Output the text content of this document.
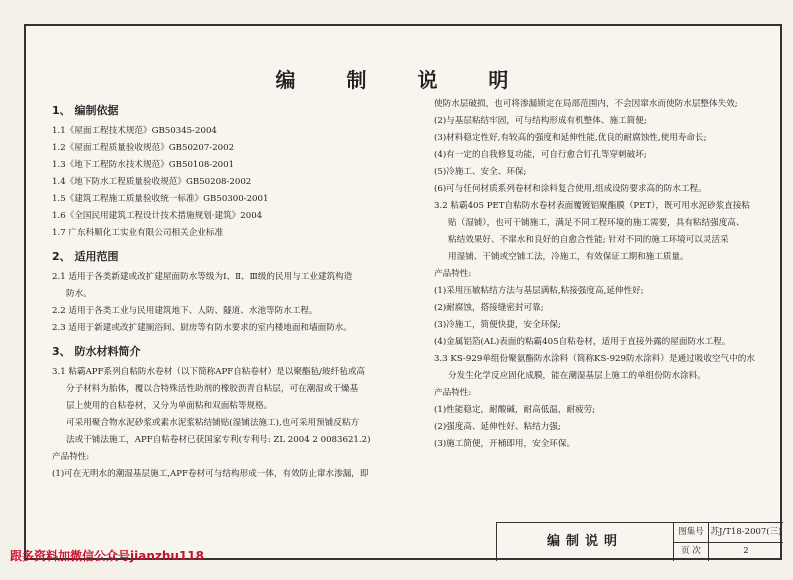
编 制 说 明
1、 编制依据
1.1《屋面工程技术规范》GB50345-2004
1.2《屋面工程质量验收规范》GB50207-2002
1.3《地下工程防水技术规范》GB50108-2001
1.4《地下防水工程质量验收规范》GB50208-2002
1.5《建筑工程施工质量验收统一标准》GB50300-2001
1.6《全国民用建筑工程设计技术措施规划·建筑》2004
1.7 广东科顺化工实业有限公司相关企业标准
2、 适用范围
2.1 适用于各类新建或改扩建屋面防水等级为Ⅰ、Ⅱ、Ⅲ级的民用与工业建筑构造
防水。
2.2 适用于各类工业与民用建筑地下、人防、隧道、水池等防水工程。
2.3 适用于新建或改扩建厕浴间、厨房等有防水要求的室内楼地面和墙面防水。
3、 防水材料简介
3.1 粘霸APF系列自粘防水卷材（以下简称APF自粘卷材）是以聚酯毡/玻纤毡或高
分子材料为胎体，覆以合特殊活性助剂的橡胶沥青自粘层，可在潮湿或干燥基
层上使用的自粘卷材，又分为单面粘和双面粘等规格。
可采用聚合物水泥砂浆或素水泥浆粘结铺贴(湿铺法施工),也可采用预铺反粘方
法或干铺法施工，APF自粘卷材已获国家专利(专利号: ZL 2004 2 0083621.2)
产品特性:
(1)可在无明水的潮湿基层施工,APF卷材可与结构形成一体，有效防止窜水渗漏，即
使防水层破损，也可将渗漏锁定在局部范围内，不会因窜水而使防水层整体失效;
(2)与基层粘结牢固，可与结构形成有机整体、施工简便;
(3)材料稳定性好,有较高的强度和延伸性能,优良的耐腐蚀性,使用寿命长;
(4)有一定的自我修复功能，可自行愈合钉孔等穿刺破坏;
(5)冷施工、安全、环保;
(6)可与任何材质系列卷材和涂料复合使用,组成设防要求高的防水工程。
3.2 粘霸405 PET自粘防水卷材表面覆镀铝聚酯膜（PET），既可用水泥砂浆直接粘
贴（湿铺），也可干铺施工，满足不同工程环境的施工需要，具有粘结强度高、
粘结效果好、不窜水和良好的自愈合性能; 针对不同的施工环境可以灵活采
用湿铺、干铺或空铺工法，冷施工，有效保证工期和施工质量。
产品特性:
(1)采用压敏粘结方法与基层满粘,粘接强度高,延伸性好;
(2)耐腐蚀，搭接缝密封可靠;
(3)冷施工，简便快捷，安全环保;
(4)金属铝箔(AL)表面的粘霸405自粘卷材，适用于直接外露的屋面防水工程。
3.3 KS-929单组份聚氨酯防水涂料（简称KS-929防水涂料）是通过吸收空气中的水
分发生化学反应固化成膜，能在潮湿基层上施工的单组份防水涂料。
产品特性:
(1)性能稳定，耐酸碱，耐高低温，耐疲劳;
(2)强度高、延伸性好、粘结力强;
(3)施工简便，开桶即用，安全环保。
编制说明
图集号 苏J/T18-2007(三)
页 次	2
跟多资料加微信公众号jianzhu118
